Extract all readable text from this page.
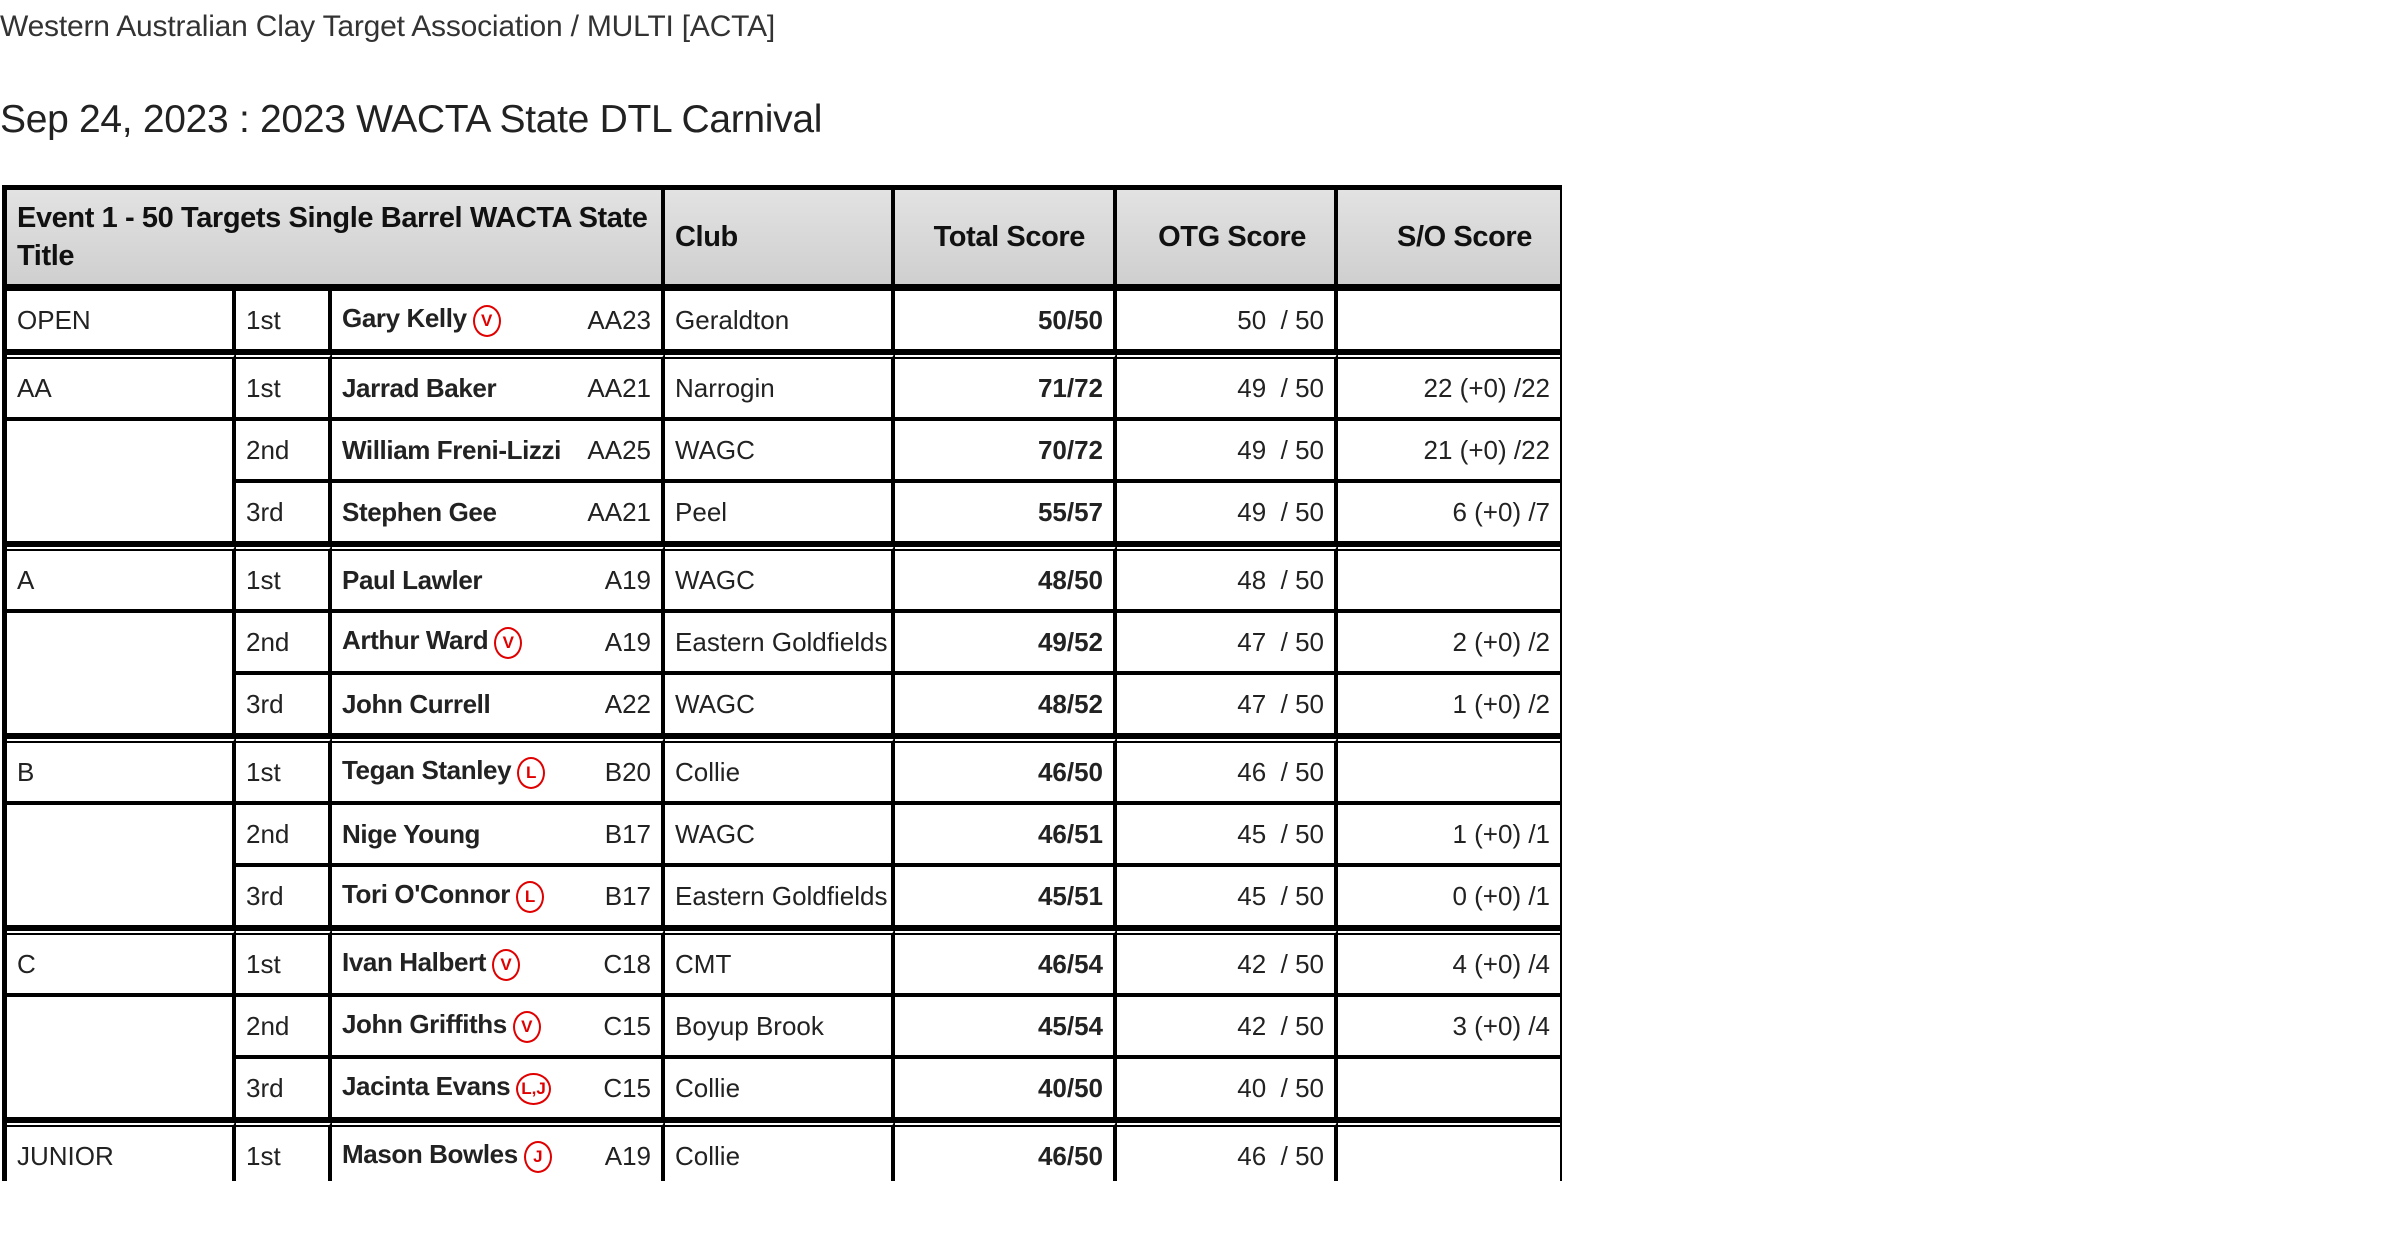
Western Australian Clay Target Association / MULTI [ACTA]
Sep 24, 2023 : 2023 WACTA State DTL Carnival
Event 1 - 50 Targets Single Barrel WACTA State Title			Club	Total Score	OTG Score	S/O Score
OPEN	1st	Gary Kelly V AA23	Geraldton	50/50	50  / 50	
AA	1st	Jarrad Baker AA21	Narrogin	71/72	49  / 50	22 (+0) /22
	2nd	William Freni-Lizzi AA25	WAGC	70/72	49  / 50	21 (+0) /22
	3rd	Stephen Gee AA21	Peel	55/57	49  / 50	6 (+0) /7
A	1st	Paul Lawler A19	WAGC	48/50	48  / 50	
	2nd	Arthur Ward V A19	Eastern Goldfields	49/52	47  / 50	2 (+0) /2
	3rd	John Currell A22	WAGC	48/52	47  / 50	1 (+0) /2
B	1st	Tegan Stanley L B20	Collie	46/50	46  / 50	
	2nd	Nige Young B17	WAGC	46/51	45  / 50	1 (+0) /1
	3rd	Tori O'Connor L B17	Eastern Goldfields	45/51	45  / 50	0 (+0) /1
C	1st	Ivan Halbert V C18	CMT	46/54	42  / 50	4 (+0) /4
	2nd	John Griffiths V C15	Boyup Brook	45/54	42  / 50	3 (+0) /4
	3rd	Jacinta Evans L,J C15	Collie	40/50	40  / 50	
JUNIOR	1st	Mason Bowles J A19	Collie	46/50	46  / 50	
